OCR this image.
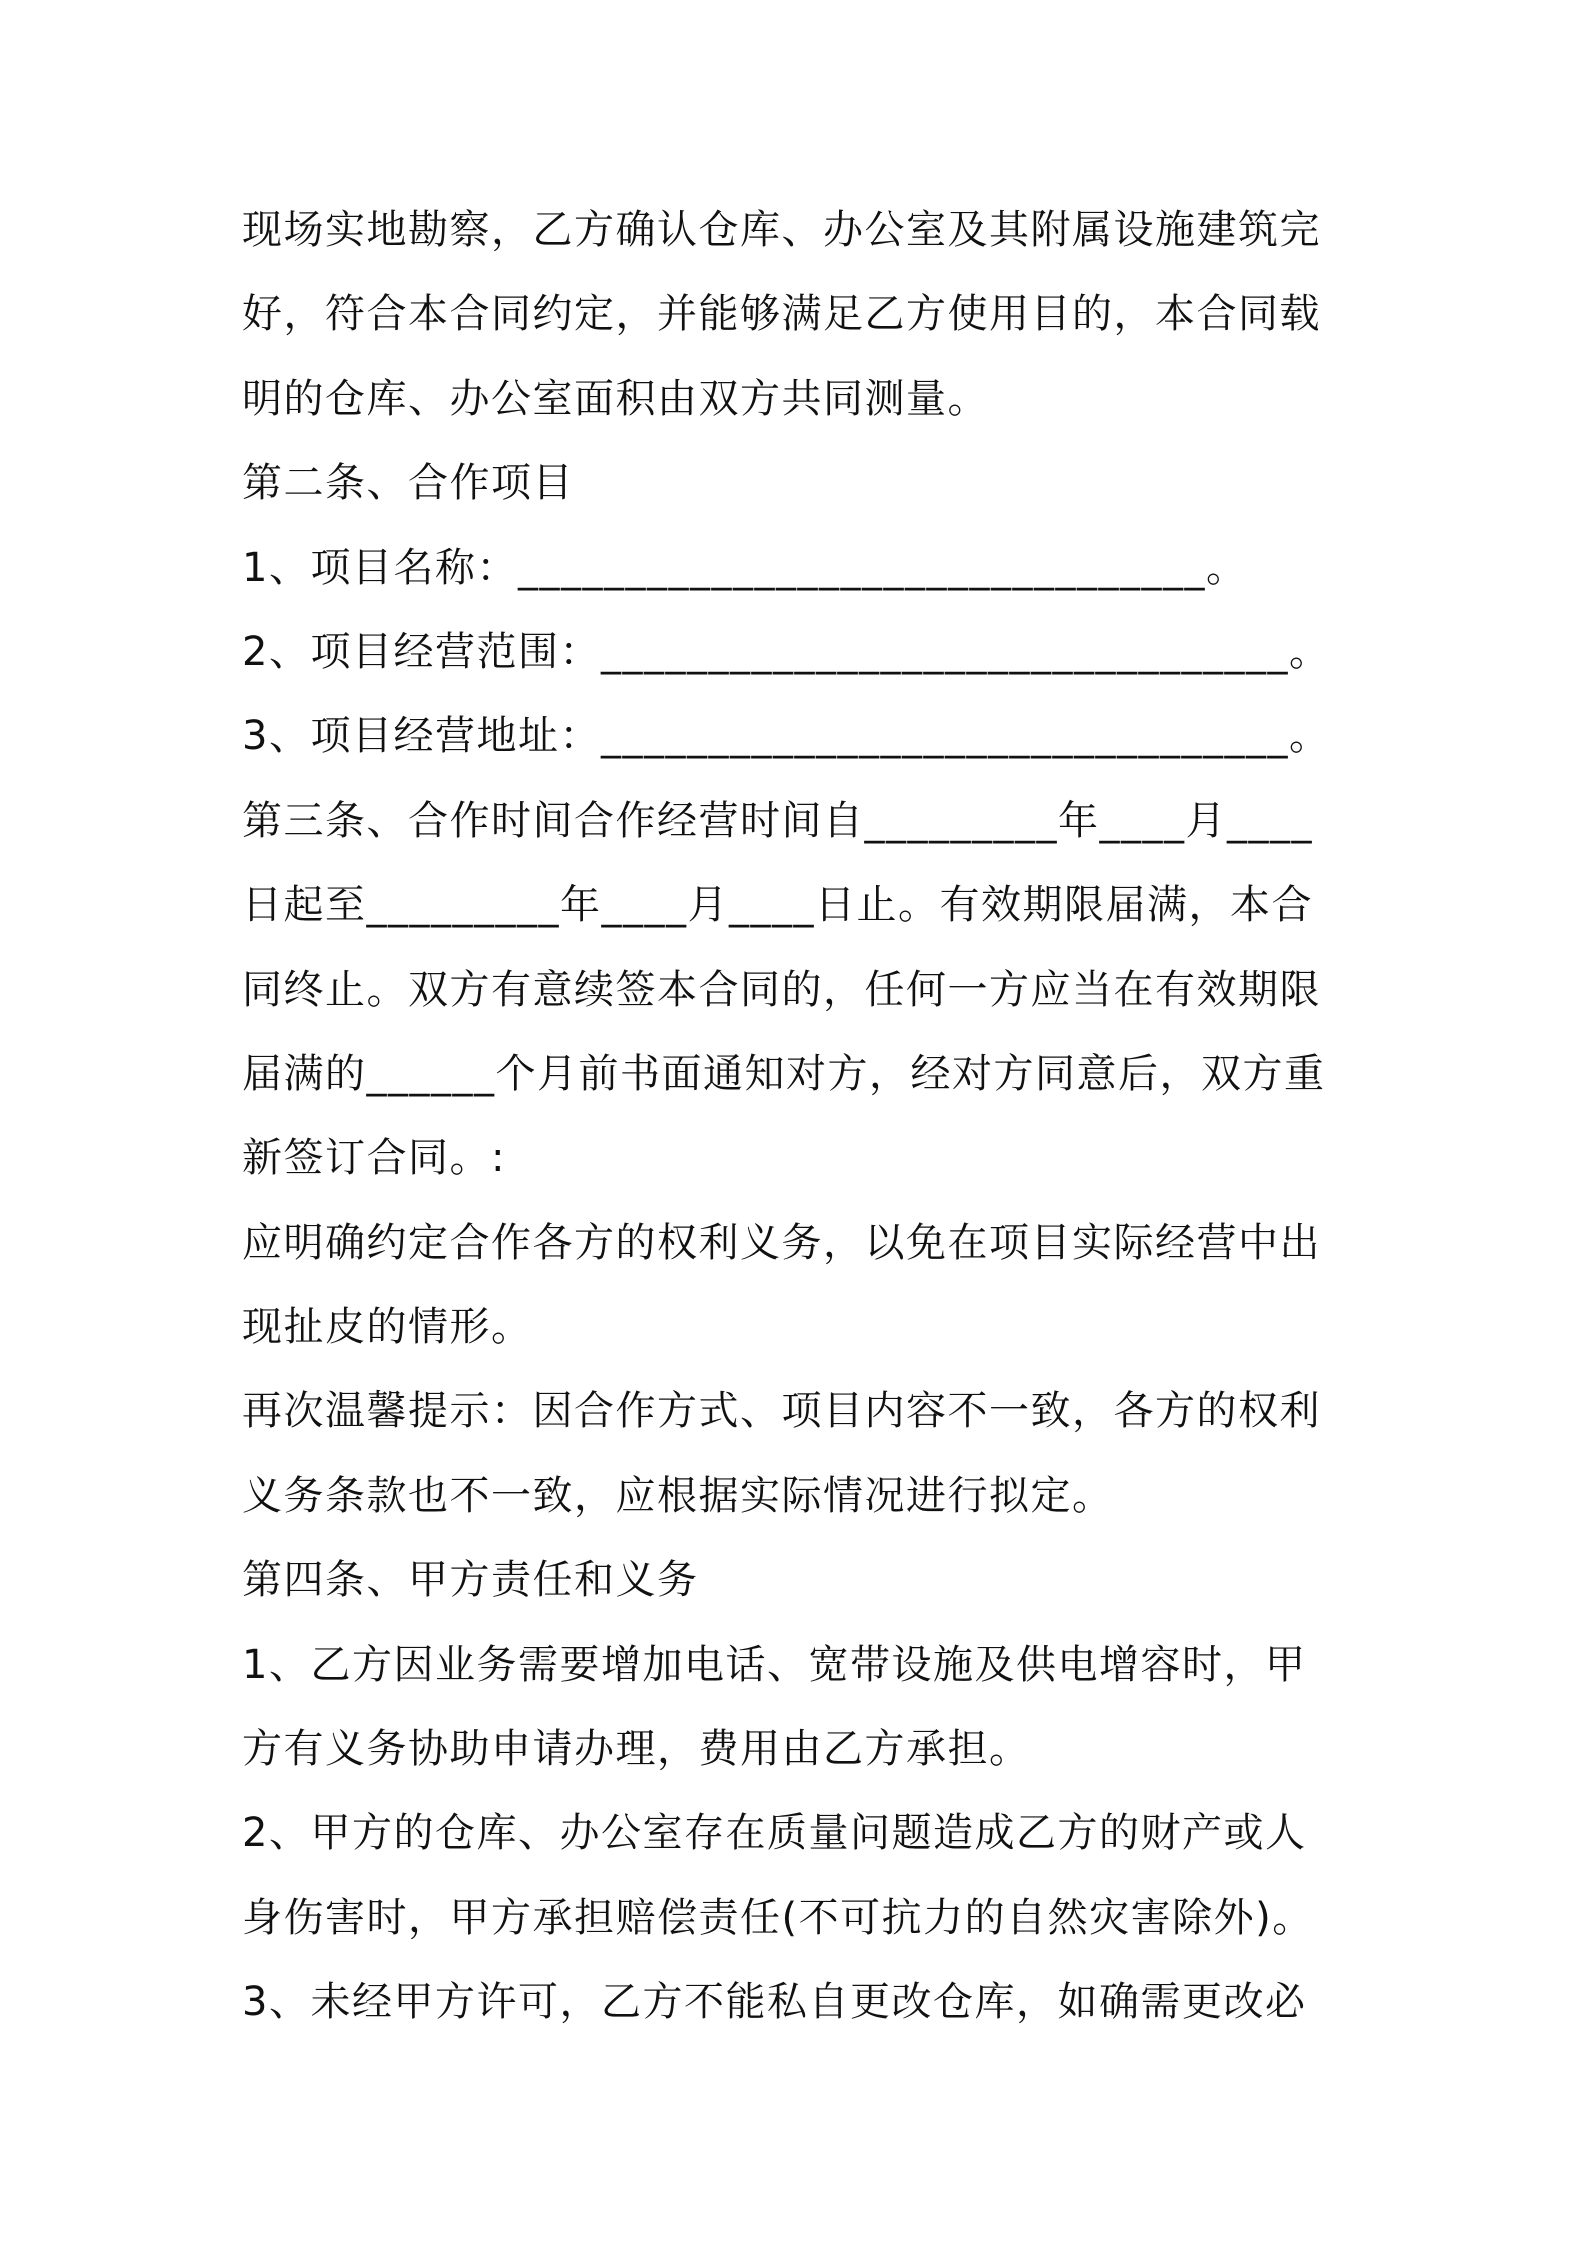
现场实地勘察，乙方确认仓库、办公室及其附属设施建筑完
好，符合本合同约定，并能够满足乙方使用目的，本合同载
明的仓库、办公室面积由双方共同测量。
第二条、合作项目
1、项目名称：________________________________。
2、项目经营范围：________________________________。
3、项目经营地址：________________________________。
第三条、合作时间合作经营时间自_________年____月____
日起至_________年____月____日止。有效期限届满，本合
同终止。双方有意续签本合同的，任何一方应当在有效期限
届满的______个月前书面通知对方，经对方同意后，双方重
新签订合同。:
应明确约定合作各方的权利义务，以免在项目实际经营中出
现扯皮的情形。
再次温馨提示：因合作方式、项目内容不一致，各方的权利
义务条款也不一致，应根据实际情况进行拟定。
第四条、甲方责任和义务
1、乙方因业务需要增加电话、宽带设施及供电增容时，甲
方有义务协助申请办理，费用由乙方承担。
2、甲方的仓库、办公室存在质量问题造成乙方的财产或人
身伤害时，甲方承担赔偿责任(不可抗力的自然灾害除外)。
3、未经甲方许可，乙方不能私自更改仓库，如确需更改必
